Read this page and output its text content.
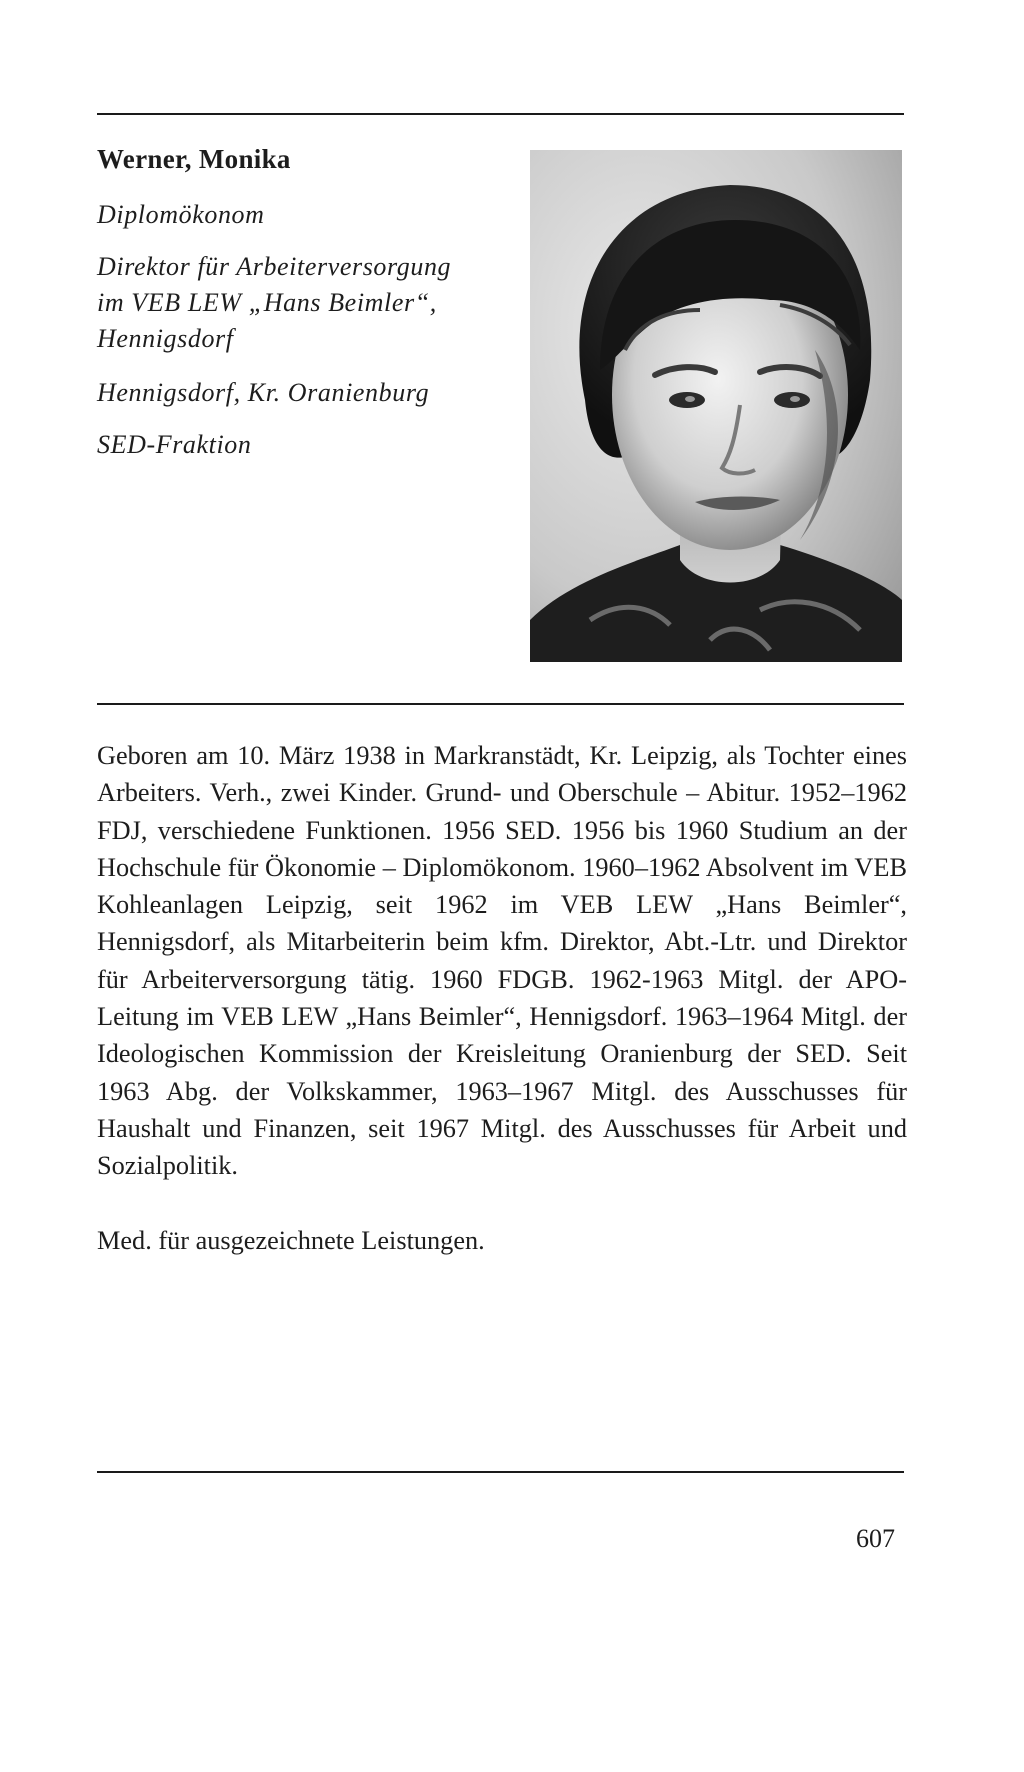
Werner, Monika

Diplomökonom

Direktor für Arbeiterversorgung

im VEB LEW „Hans Beimler“,

Hennigsdorf

Hennigsdorf, Kr. Oranienburg

SED-Fraktion

Geboren am 10. März 1938 in Markranstädt, Kr. Leipzig, als Tochter eines Arbeiters. Verh., zwei Kinder. Grund- und Oberschule – Abitur. 1952–1962 FDJ, verschiedene Funktionen. 1956 SED. 1956 bis 1960 Studium an der Hochschule für Ökonomie – Diplomökonom. 1960–1962 Absolvent im VEB Kohleanlagen Leipzig, seit 1962 im VEB LEW „Hans Beimler“, Hennigsdorf, als Mitarbeiterin beim kfm. Direktor, Abt.-Ltr. und Direktor für Arbeiterversorgung tätig. 1960 FDGB. 1962-1963 Mitgl. der APO-Leitung im VEB LEW „Hans Beimler“, Hennigsdorf. 1963–1964 Mitgl. der Ideologischen Kommission der Kreisleitung Oranienburg der SED. Seit 1963 Abg. der Volkskammer, 1963–1967 Mitgl. des Ausschusses für Haushalt und Finanzen, seit 1967 Mitgl. des Ausschusses für Arbeit und Sozialpolitik.

Med. für ausgezeichnete Leistungen.

607
